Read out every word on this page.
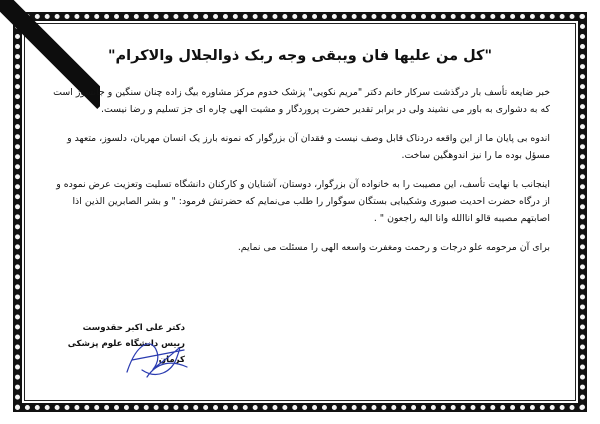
"کل من علیها فان ویبقی وجه ربک ذوالجلال والاکرام"

خبر ضایعه تأسف بار درگذشت سرکار خانم دکتر "مریم نکویی" پزشک خدوم مرکز مشاوره بیگ زاده چنان سنگین و جانسوز است که به دشواری به باور می نشیند ولی در برابر تقدیر حضرت پروردگار و مشیت الهی چاره ای جز تسلیم و رضا نیست.

اندوه بی پایان ما از این واقعه دردناک قابل وصف نیست و فقدان آن بزرگوار که نمونه بارز یک انسان مهربان، دلسوز، متعهد و مسؤل بوده ما را نیز اندوهگین ساخت.

اینجانب با نهایت تأسف، این مصیبت را به خانواده آن بزرگوار، دوستان، آشنایان و کارکنان دانشگاه تسلیت وتعزیت عرض نموده و از درگاه حضرت احدیت صبوری وشکیبایی بستگان سوگوار را طلب می‌نمایم که حضرتش فرمود: " و بشر الصابرین الذین اذا اصابتهم مصیبه قالو اناالله وانا الیه راجعون " .

برای آن مرحومه علو درجات و رحمت ومغفرت واسعه الهی را مسئلت می نمایم.

دکتر علی اکبر حقدوست
رییس دانشگاه علوم پزشکی کرمان
